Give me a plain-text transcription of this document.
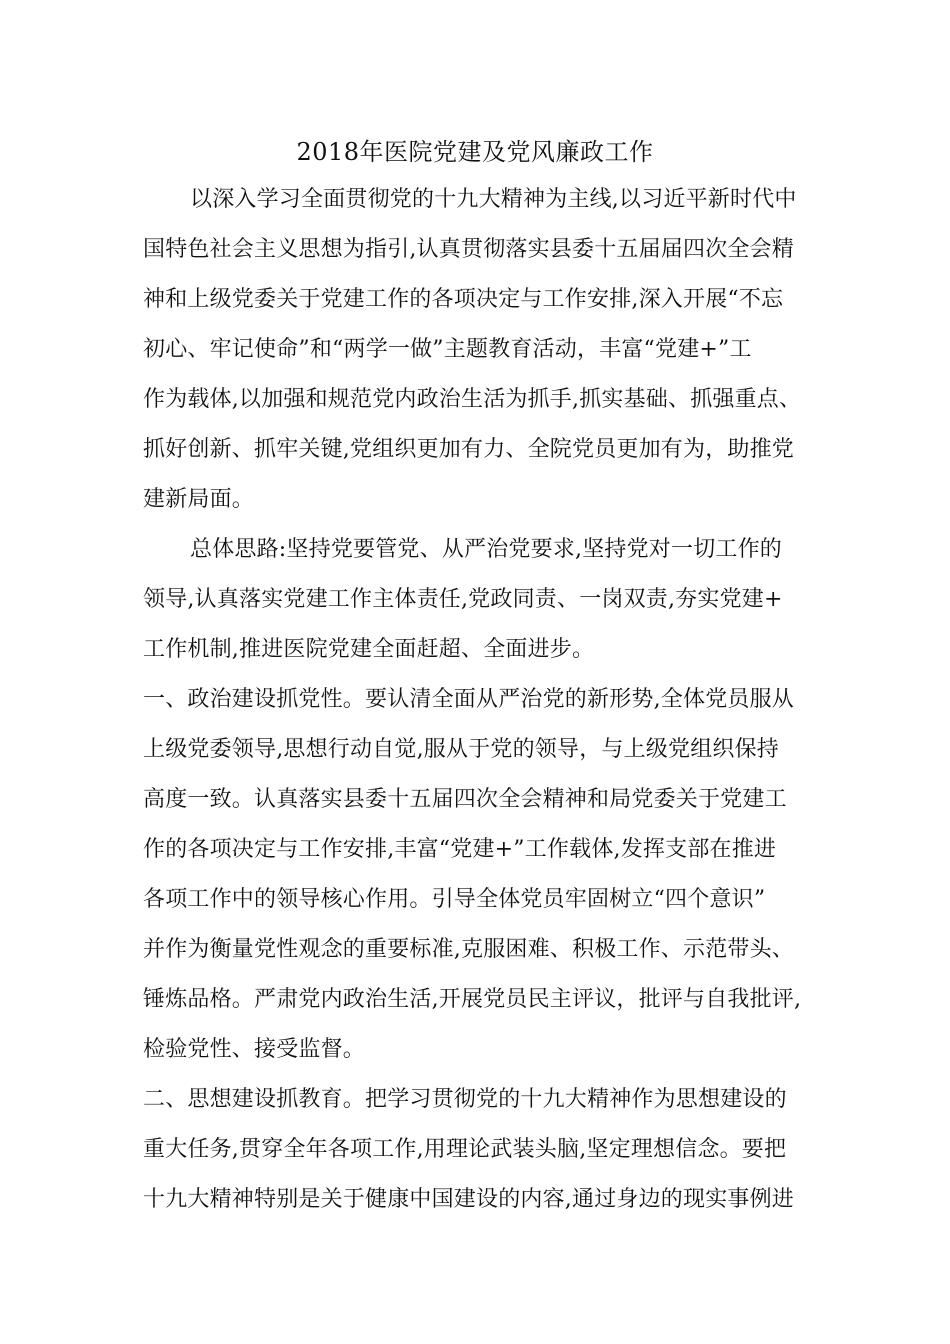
2018年医院党建及党风廉政工作
以深入学习全面贯彻党的十九大精神为主线,以习近平新时代中
国特色社会主义思想为指引,认真贯彻落实县委十五届届四次全会精
神和上级党委关于党建工作的各项决定与工作安排,深入开展“不忘
初心、牢记使命”和“两学一做”主题教育活动，丰富“党建+”工
作为载体,以加强和规范党内政治生活为抓手,抓实基础、抓强重点、
抓好创新、抓牢关键,党组织更加有力、全院党员更加有为，助推党
建新局面。
总体思路:坚持党要管党、从严治党要求,坚持党对一切工作的
领导,认真落实党建工作主体责任,党政同责、一岗双责,夯实党建+
工作机制,推进医院党建全面赶超、全面进步。
一、政治建设抓党性。要认清全面从严治党的新形势,全体党员服从
上级党委领导,思想行动自觉,服从于党的领导，与上级党组织保持
高度一致。认真落实县委十五届四次全会精神和局党委关于党建工
作的各项决定与工作安排,丰富“党建+”工作载体,发挥支部在推进
各项工作中的领导核心作用。引导全体党员牢固树立“四个意识”
并作为衡量党性观念的重要标准,克服困难、积极工作、示范带头、
锤炼品格。严肃党内政治生活,开展党员民主评议，批评与自我批评,
检验党性、接受监督。
二、思想建设抓教育。把学习贯彻党的十九大精神作为思想建设的
重大任务,贯穿全年各项工作,用理论武装头脑,坚定理想信念。要把
十九大精神特别是关于健康中国建设的内容,通过身边的现实事例进
